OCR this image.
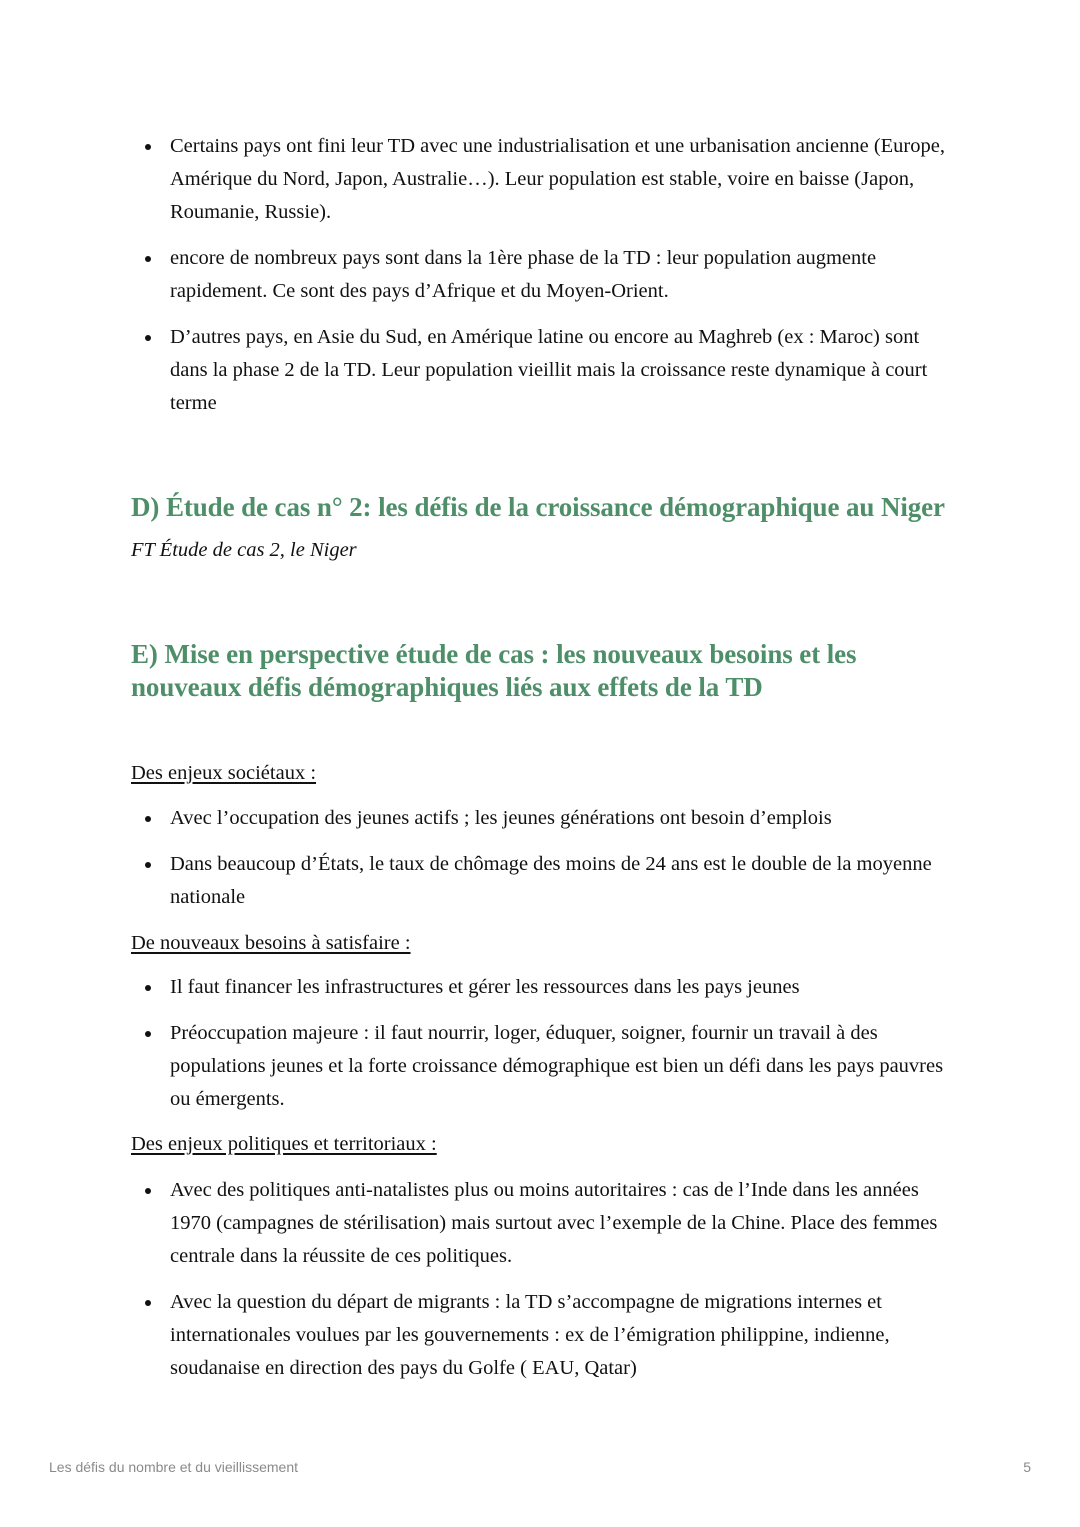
Certains pays ont fini leur TD avec une industrialisation et une urbanisation ancienne (Europe, Amérique du Nord, Japon, Australie…). Leur population est stable, voire en baisse (Japon, Roumanie, Russie).
encore de nombreux pays sont dans la 1ère phase de la TD : leur population augmente rapidement. Ce sont des pays d’Afrique et du Moyen-Orient.
D’autres pays, en Asie du Sud, en Amérique latine ou encore au Maghreb (ex : Maroc) sont dans la phase 2 de la TD. Leur population vieillit mais la croissance reste dynamique à court terme
D) Étude de cas n° 2: les défis de la croissance démographique au Niger

FT Étude de cas 2, le Niger

E) Mise en perspective étude de cas : les nouveaux besoins et les nouveaux défis démographiques liés aux effets de la TD

Des enjeux sociétaux :

Avec l’occupation des jeunes actifs ; les jeunes générations ont besoin d’emplois
Dans beaucoup d’États, le taux de chômage des moins de 24 ans est le double de la moyenne nationale

De nouveaux besoins à satisfaire :

Il faut financer les infrastructures et gérer les ressources dans les pays jeunes
Préoccupation majeure : il faut nourrir, loger, éduquer, soigner, fournir un travail à des populations jeunes et la forte croissance démographique est bien un défi dans les pays pauvres ou émergents.

Des enjeux politiques et territoriaux :

Avec des politiques anti-natalistes plus ou moins autoritaires : cas de l’Inde dans les années 1970 (campagnes de stérilisation) mais surtout avec l’exemple de la Chine. Place des femmes centrale dans la réussite de ces politiques.
Avec la question du départ de migrants : la TD s’accompagne de migrations internes et internationales voulues par les gouvernements : ex de l’émigration philippine, indienne, soudanaise en direction des pays du Golfe ( EAU, Qatar)
Les défis du nombre et du vieillissement	5
